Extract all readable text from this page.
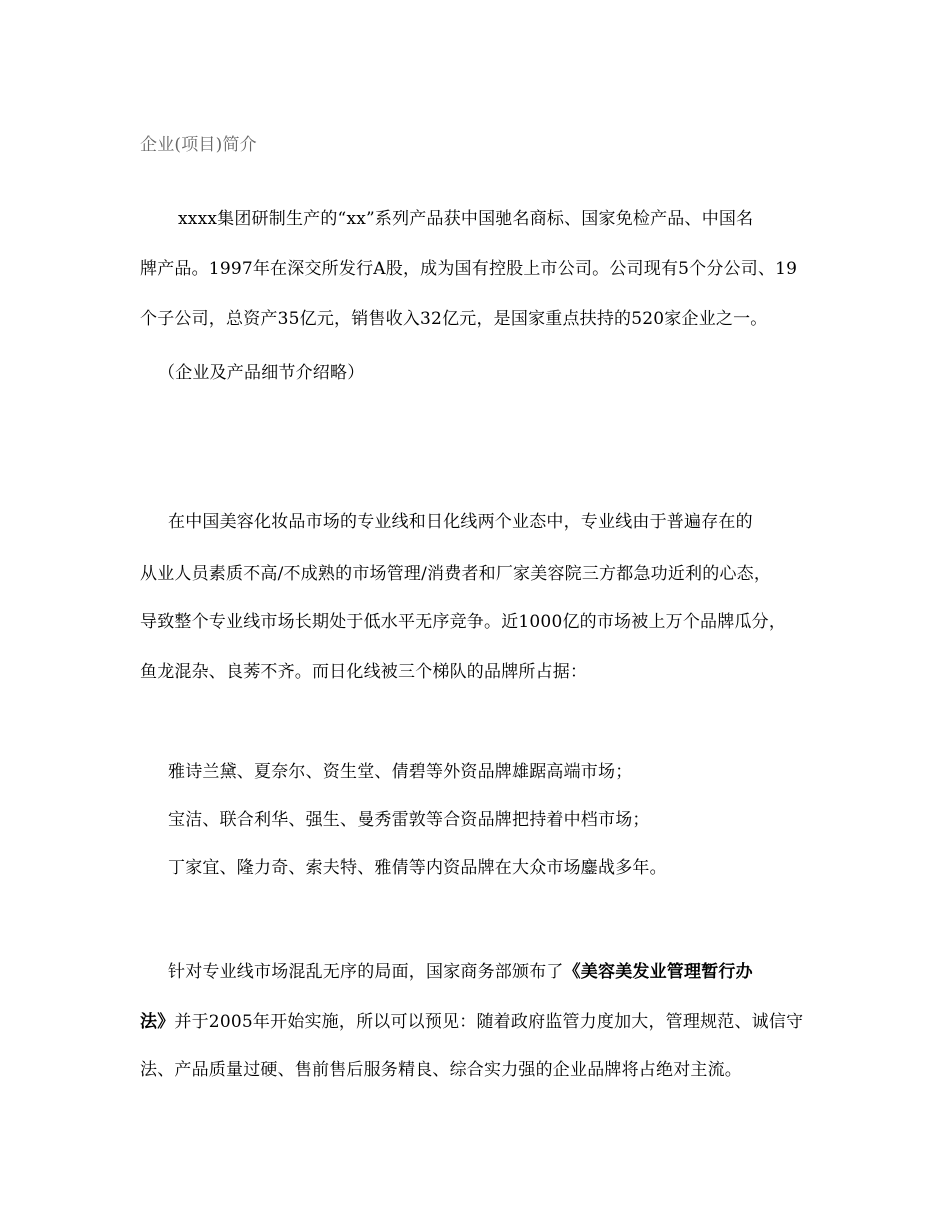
企业(项目)简介
xxxx集团研制生产的“xx”系列产品获中国驰名商标、国家免检产品、中国名
牌产品。1997年在深交所发行A股，成为国有控股上市公司。公司现有5个分公司、19
个子公司，总资产35亿元，销售收入32亿元，是国家重点扶持的520家企业之一。
（企业及产品细节介绍略）
在中国美容化妆品市场的专业线和日化线两个业态中，专业线由于普遍存在的
从业人员素质不高/不成熟的市场管理/消费者和厂家美容院三方都急功近利的心态，
导致整个专业线市场长期处于低水平无序竞争。近1000亿的市场被上万个品牌瓜分，
鱼龙混杂、良莠不齐。而日化线被三个梯队的品牌所占据：
雅诗兰黛、夏奈尔、资生堂、倩碧等外资品牌雄踞高端市场；
宝洁、联合利华、强生、曼秀雷敦等合资品牌把持着中档市场；
丁家宜、隆力奇、索夫特、雅倩等内资品牌在大众市场鏖战多年。
针对专业线市场混乱无序的局面，国家商务部颁布了《美容美发业管理暂行办
法》并于2005年开始实施，所以可以预见：随着政府监管力度加大，管理规范、诚信守
法、产品质量过硬、售前售后服务精良、综合实力强的企业品牌将占绝对主流。
